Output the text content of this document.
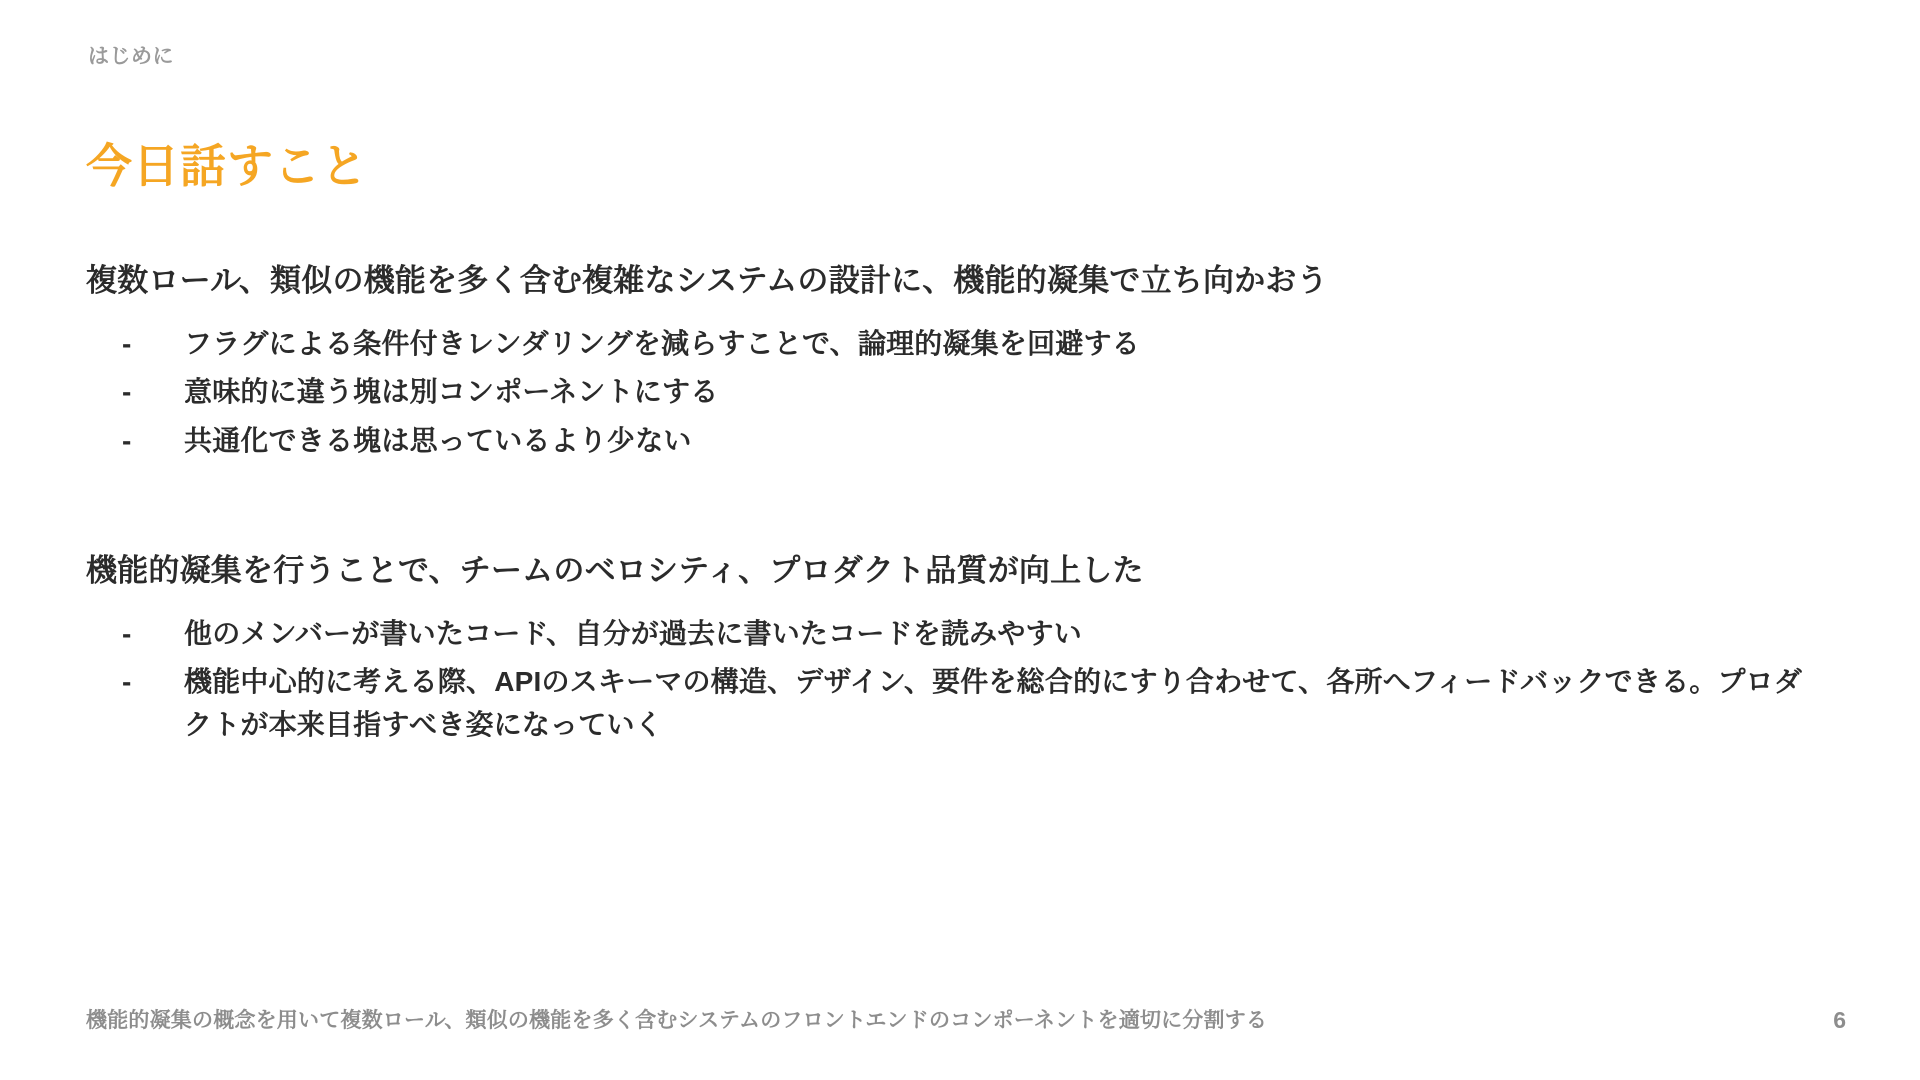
はじめに
今日話すこと

複数ロール、類似の機能を多く含む複雑なシステムの設計に、機能的凝集で立ち向かおう

-	フラグによる条件付きレンダリングを減らすことで、論理的凝集を回避する
-	意味的に違う塊は別コンポーネントにする
-	共通化できる塊は思っているより少ない

機能的凝集を行うことで、チームのベロシティ、プロダクト品質が向上した

-	他のメンバーが書いたコード、自分が過去に書いたコードを読みやすい
-	機能中心的に考える際、APIのスキーマの構造、デザイン、要件を総合的にすり合わせて、各所へフィードバックできる。プロダクトが本来目指すべき姿になっていく
機能的凝集の概念を用いて複数ロール、類似の機能を多く含むシステムのフロントエンドのコンポーネントを適切に分割する	6
